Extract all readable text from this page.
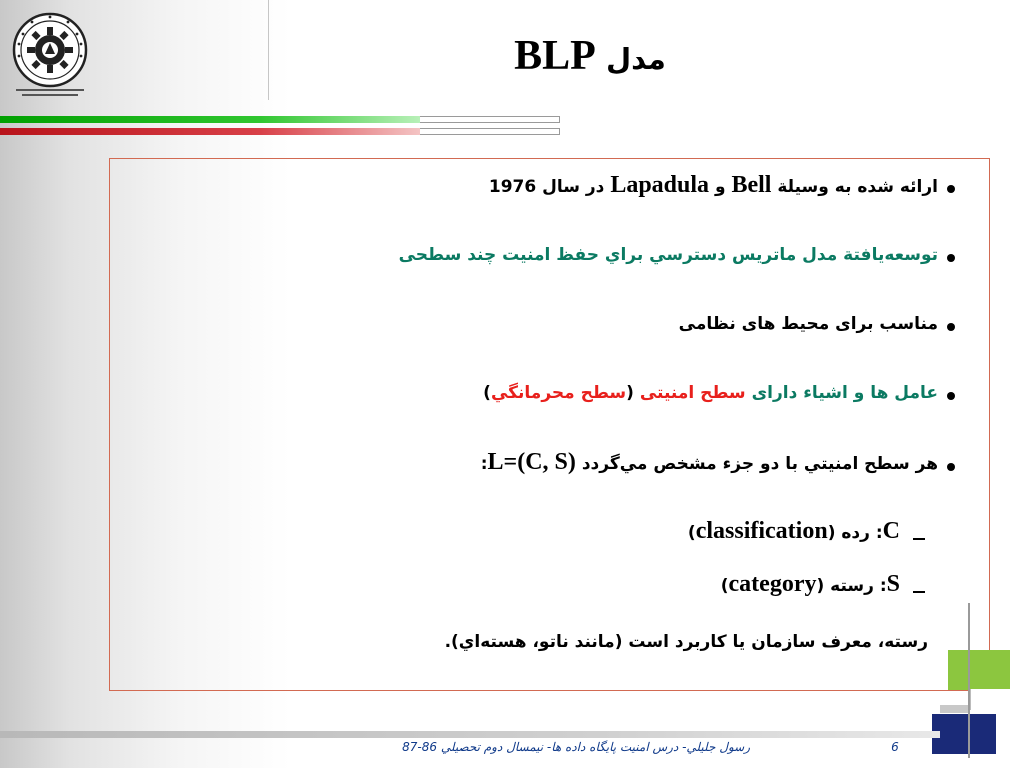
مدل BLP
ارائه شده به وسیلة Bell و Lapadula در سال 1976
توسعه‌یافتة مدل ماتریس دسترسي براي حفظ امنیت چند سطحی
مناسب برای محیط های نظامی
عامل ها و اشیاء دارای سطح امنیتی (سطح محرمانگي)
هر سطح امنيتي با دو جزء مشخص مي‌گردد L=(C, S):
C: رده (classification)
S: رسته (category)
رسته، معرف سازمان یا کاربرد است (مانند ناتو، هسته‌اي).
رسول جليلي- درس امنيت پايگاه داده ها- نيمسال دوم تحصيلي 86-87	6
